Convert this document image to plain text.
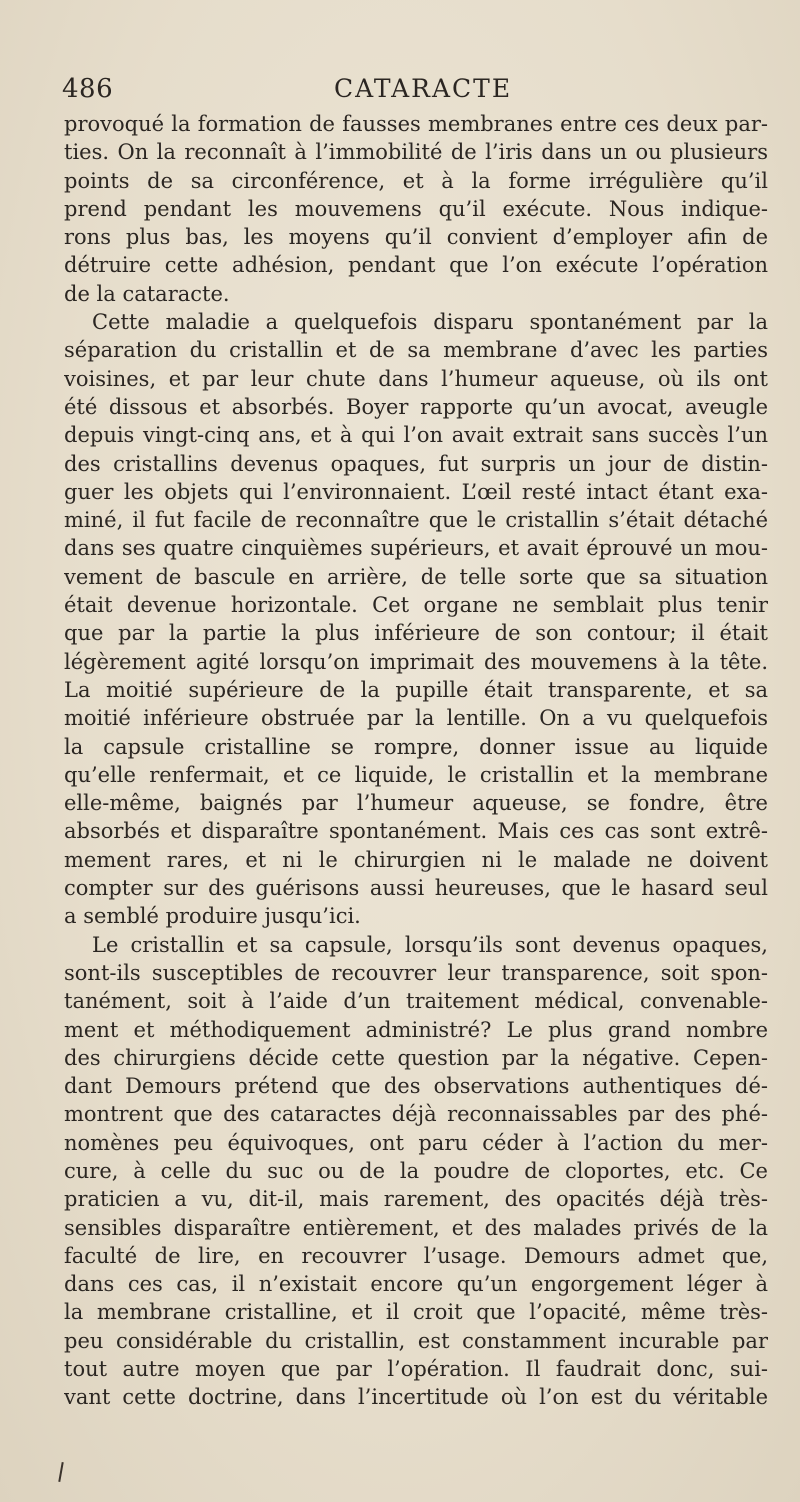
486	CATARACTE
provoqué la formation de fausses membranes entre ces deux par-
ties. On la reconnaît à l’immobilité de l’iris dans un ou plusieurs
points de sa circonférence, et à la forme irrégulière qu’il
prend pendant les mouvemens qu’il exécute. Nous indique-
rons plus bas, les moyens qu’il convient d’employer afin de
détruire cette adhésion, pendant que l’on exécute l’opération
de la cataracte.
Cette maladie a quelquefois disparu spontanément par la
séparation du cristallin et de sa membrane d’avec les parties
voisines, et par leur chute dans l’humeur aqueuse, où ils ont
été dissous et absorbés. Boyer rapporte qu’un avocat, aveugle
depuis vingt-cinq ans, et à qui l’on avait extrait sans succès l’un
des cristallins devenus opaques, fut surpris un jour de distin-
guer les objets qui l’environnaient. L’œil resté intact étant exa-
miné, il fut facile de reconnaître que le cristallin s’était détaché
dans ses quatre cinquièmes supérieurs, et avait éprouvé un mou-
vement de bascule en arrière, de telle sorte que sa situation
était devenue horizontale. Cet organe ne semblait plus tenir
que par la partie la plus inférieure de son contour; il était
légèrement agité lorsqu’on imprimait des mouvemens à la tête.
La moitié supérieure de la pupille était transparente, et sa
moitié inférieure obstruée par la lentille. On a vu quelquefois
la capsule cristalline se rompre, donner issue au liquide
qu’elle renfermait, et ce liquide, le cristallin et la membrane
elle-même, baignés par l’humeur aqueuse, se fondre, être
absorbés et disparaître spontanément. Mais ces cas sont extrê-
mement rares, et ni le chirurgien ni le malade ne doivent
compter sur des guérisons aussi heureuses, que le hasard seul
a semblé produire jusqu’ici.
Le cristallin et sa capsule, lorsqu’ils sont devenus opaques,
sont-ils susceptibles de recouvrer leur transparence, soit spon-
tanément, soit à l’aide d’un traitement médical, convenable-
ment et méthodiquement administré? Le plus grand nombre
des chirurgiens décide cette question par la négative. Cepen-
dant Demours prétend que des observations authentiques dé-
montrent que des cataractes déjà reconnaissables par des phé-
nomènes peu équivoques, ont paru céder à l’action du mer-
cure, à celle du suc ou de la poudre de cloportes, etc. Ce
praticien a vu, dit-il, mais rarement, des opacités déjà très-
sensibles disparaître entièrement, et des malades privés de la
faculté de lire, en recouvrer l’usage. Demours admet que,
dans ces cas, il n’existait encore qu’un engorgement léger à
la membrane cristalline, et il croit que l’opacité, même très-
peu considérable du cristallin, est constamment incurable par
tout autre moyen que par l’opération. Il faudrait donc, sui-
vant cette doctrine, dans l’incertitude où l’on est du véritable
